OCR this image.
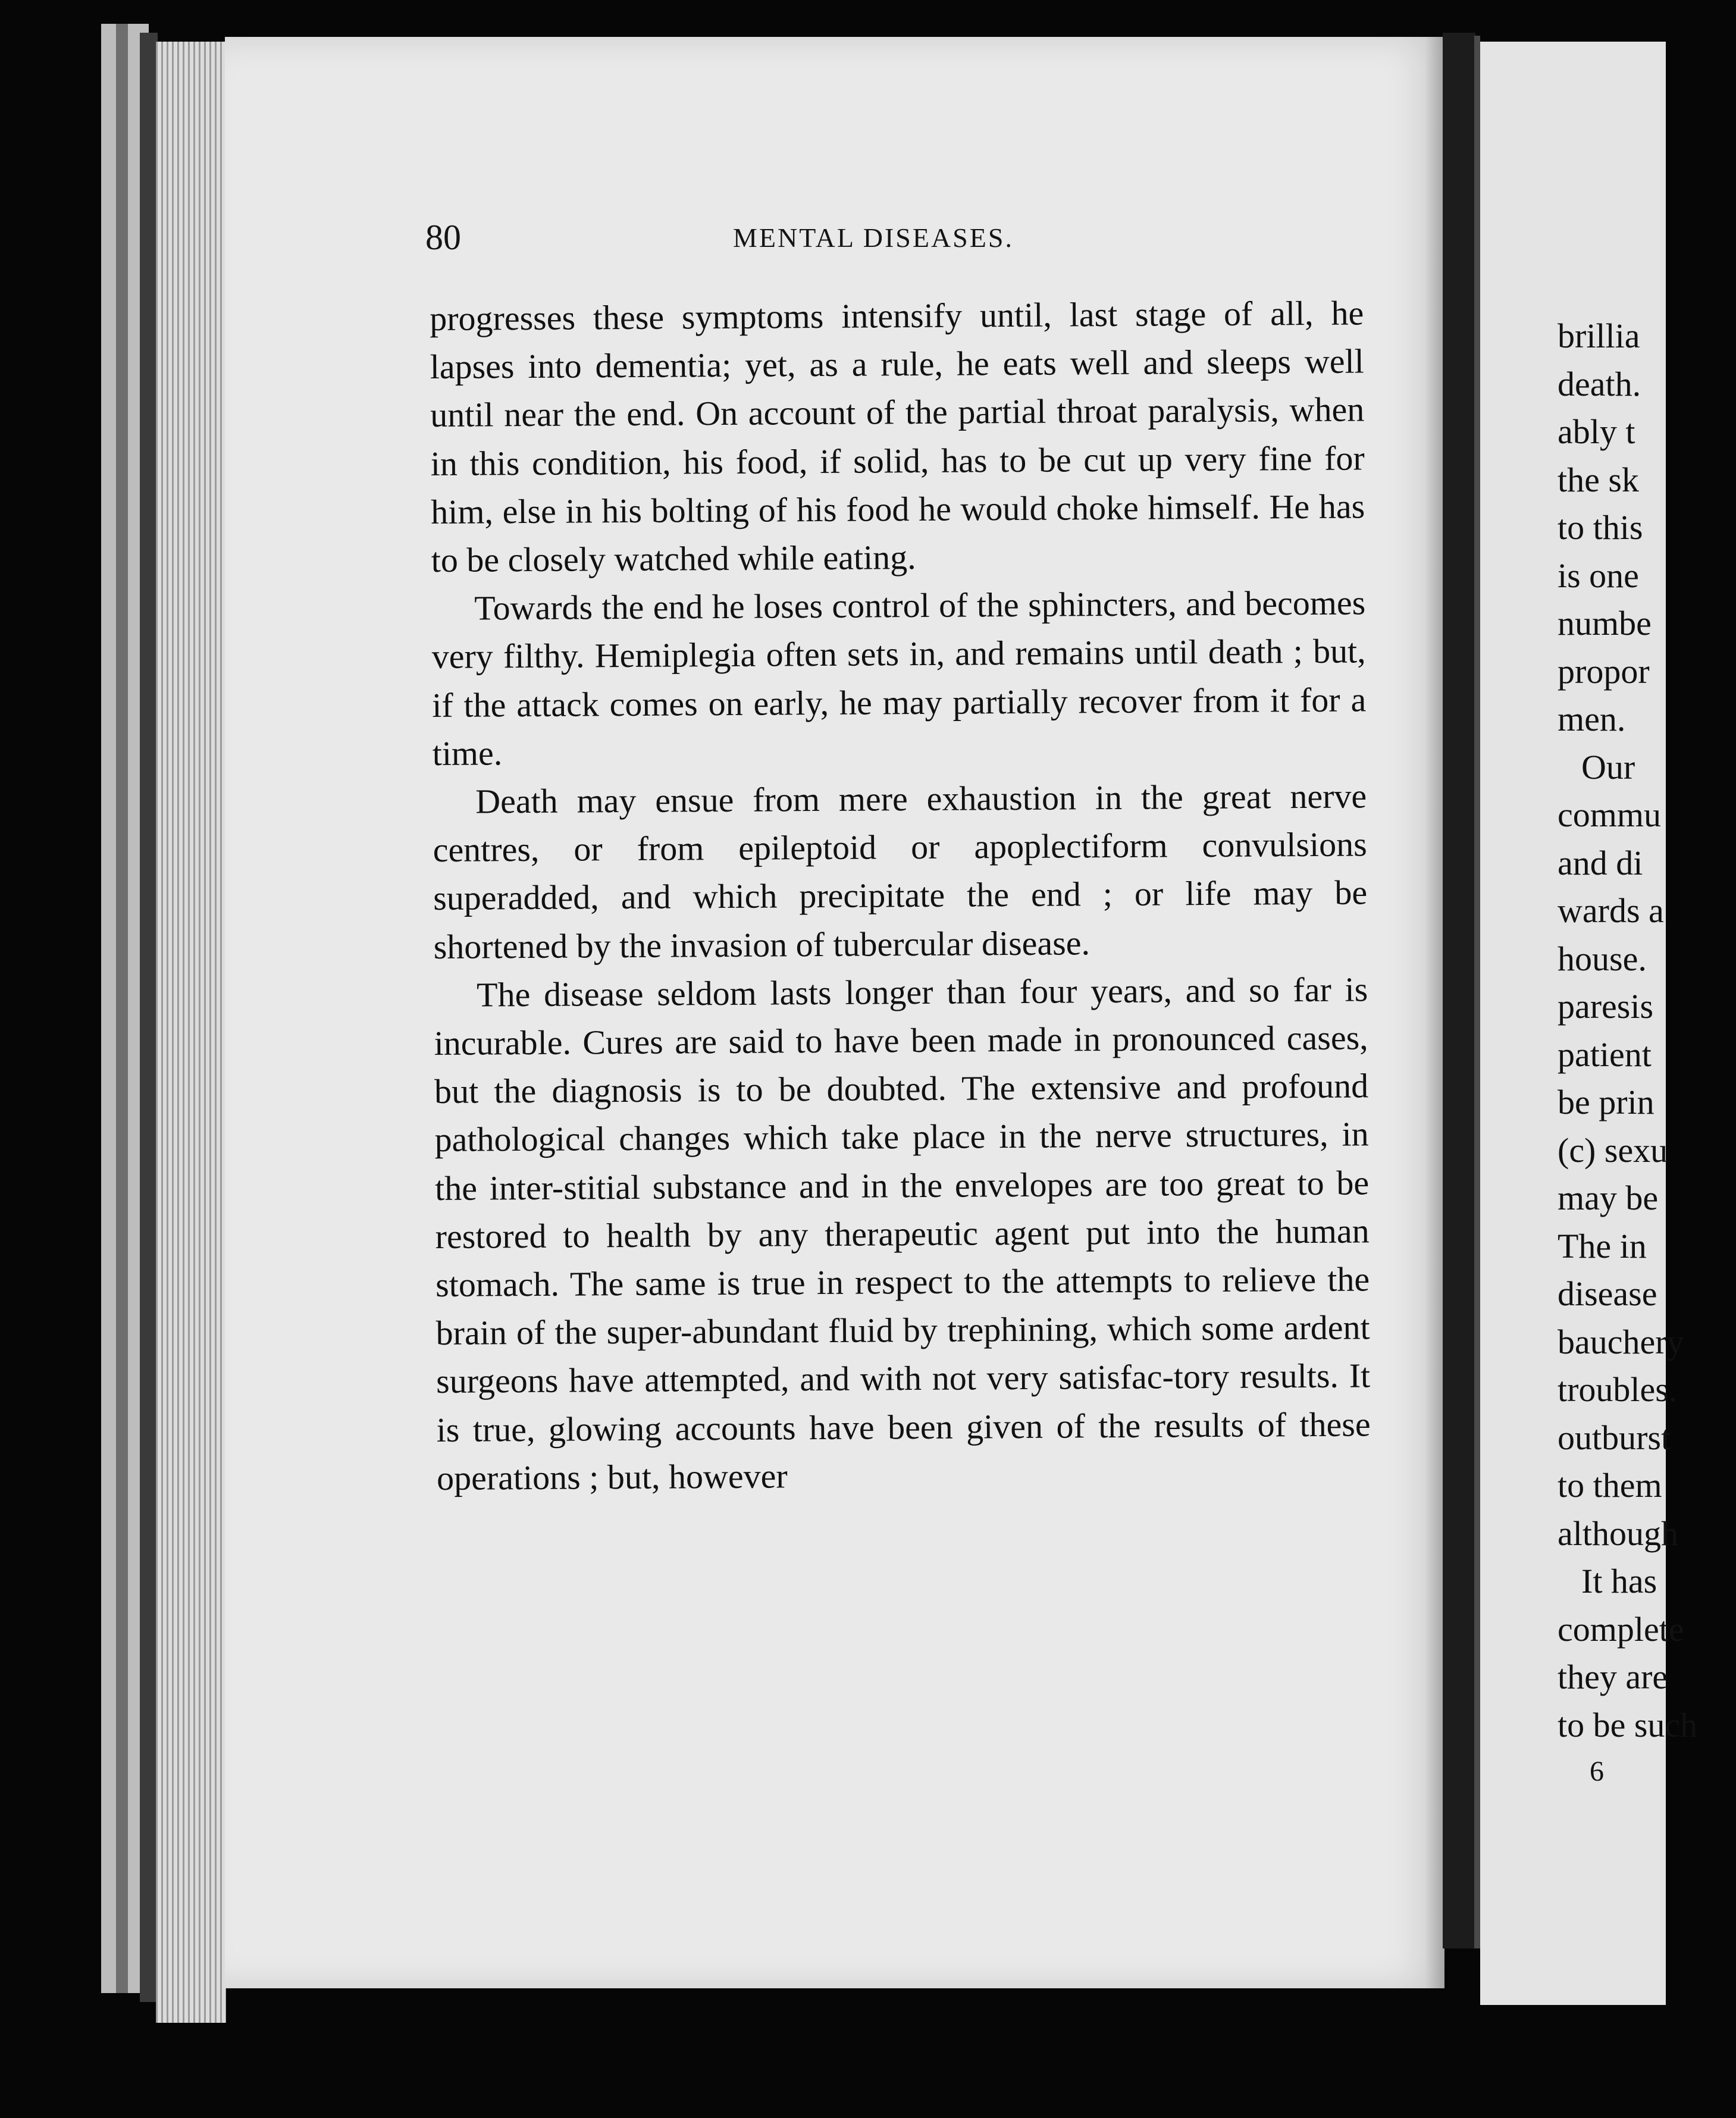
80	MENTAL DISEASES.

progresses these symptoms intensify until, last stage of all, he lapses into dementia; yet, as a rule, he eats well and sleeps well until near the end. On account of the partial throat paralysis, when in this condition, his food, if solid, has to be cut up very fine for him, else in his bolting of his food he would choke himself. He has to be closely watched while eating.

Towards the end he loses control of the sphincters, and becomes very filthy. Hemiplegia often sets in, and remains until death ; but, if the attack comes on early, he may partially recover from it for a time.

Death may ensue from mere exhaustion in the great nerve centres, or from epileptoid or apoplectiform convulsions superadded, and which precipitate the end ; or life may be shortened by the invasion of tubercular disease.

The disease seldom lasts longer than four years, and so far is incurable. Cures are said to have been made in pronounced cases, but the diagnosis is to be doubted. The extensive and profound pathological changes which take place in the nerve structures, in the inter-stitial substance and in the envelopes are too great to be restored to health by any therapeutic agent put into the human stomach. The same is true in respect to the attempts to relieve the brain of the super-abundant fluid by trephining, which some ardent surgeons have attempted, and with not very satisfac-tory results. It is true, glowing accounts have been given of the results of these operations ; but, however

brillia
death.
ably t
the sk
to this
is one
numbe
propor
men.
Our
commu
and di
wards a
house.
paresis
patient
be prin
(c) sexu
may be
The in
disease
bauchery
troubles.
outburst
to them
although
It has
complete
they are
to be such
6
